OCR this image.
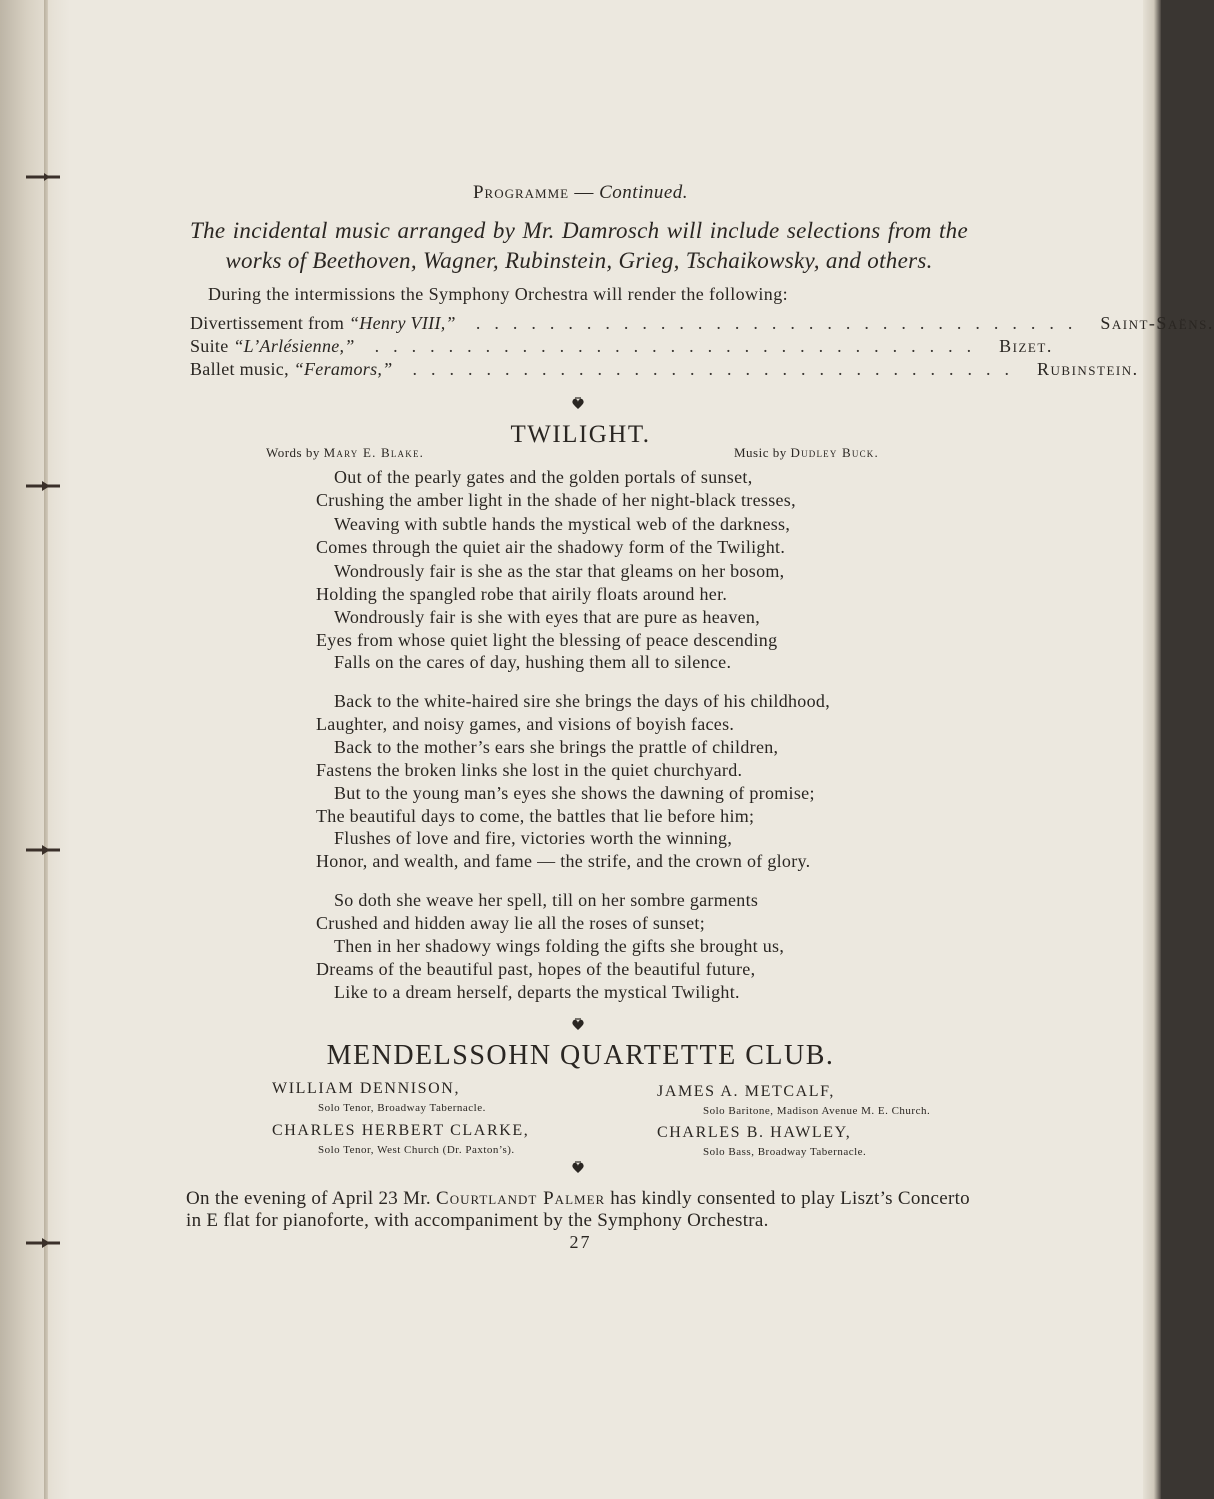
Programme — Continued.
The incidental music arranged by Mr. Damrosch will include selections from the works of Beethoven, Wagner, Rubinstein, Grieg, Tschaikowsky, and others.
During the intermissions the Symphony Orchestra will render the following:
Divertissement from “Henry VIII,” ................................. Saint-Saëns.
Suite “L’Arlésienne,” ................................. Bizet.
Ballet music, “Feramors,” ................................. Rubinstein.
TWILIGHT.
Words by Mary E. Blake.	Music by Dudley Buck.
Out of the pearly gates and the golden portals of sunset,
Crushing the amber light in the shade of her night-black tresses,
Weaving with subtle hands the mystical web of the darkness,
Comes through the quiet air the shadowy form of the Twilight.
Wondrously fair is she as the star that gleams on her bosom,
Holding the spangled robe that airily floats around her.
Wondrously fair is she with eyes that are pure as heaven,
Eyes from whose quiet light the blessing of peace descending
Falls on the cares of day, hushing them all to silence.
Back to the white-haired sire she brings the days of his childhood,
Laughter, and noisy games, and visions of boyish faces.
Back to the mother’s ears she brings the prattle of children,
Fastens the broken links she lost in the quiet churchyard.
But to the young man’s eyes she shows the dawning of promise;
The beautiful days to come, the battles that lie before him;
Flushes of love and fire, victories worth the winning,
Honor, and wealth, and fame — the strife, and the crown of glory.
So doth she weave her spell, till on her sombre garments
Crushed and hidden away lie all the roses of sunset;
Then in her shadowy wings folding the gifts she brought us,
Dreams of the beautiful past, hopes of the beautiful future,
Like to a dream herself, departs the mystical Twilight.
MENDELSSOHN QUARTETTE CLUB.
WILLIAM DENNISON,
Solo Tenor, Broadway Tabernacle.
JAMES A. METCALF,
Solo Baritone, Madison Avenue M. E. Church.
CHARLES HERBERT CLARKE,
Solo Tenor, West Church (Dr. Paxton’s).
CHARLES B. HAWLEY,
Solo Bass, Broadway Tabernacle.
On the evening of April 23 Mr. Courtlandt Palmer has kindly consented to play Liszt’s Concerto in E flat for pianoforte, with accompaniment by the Symphony Orchestra.
27
